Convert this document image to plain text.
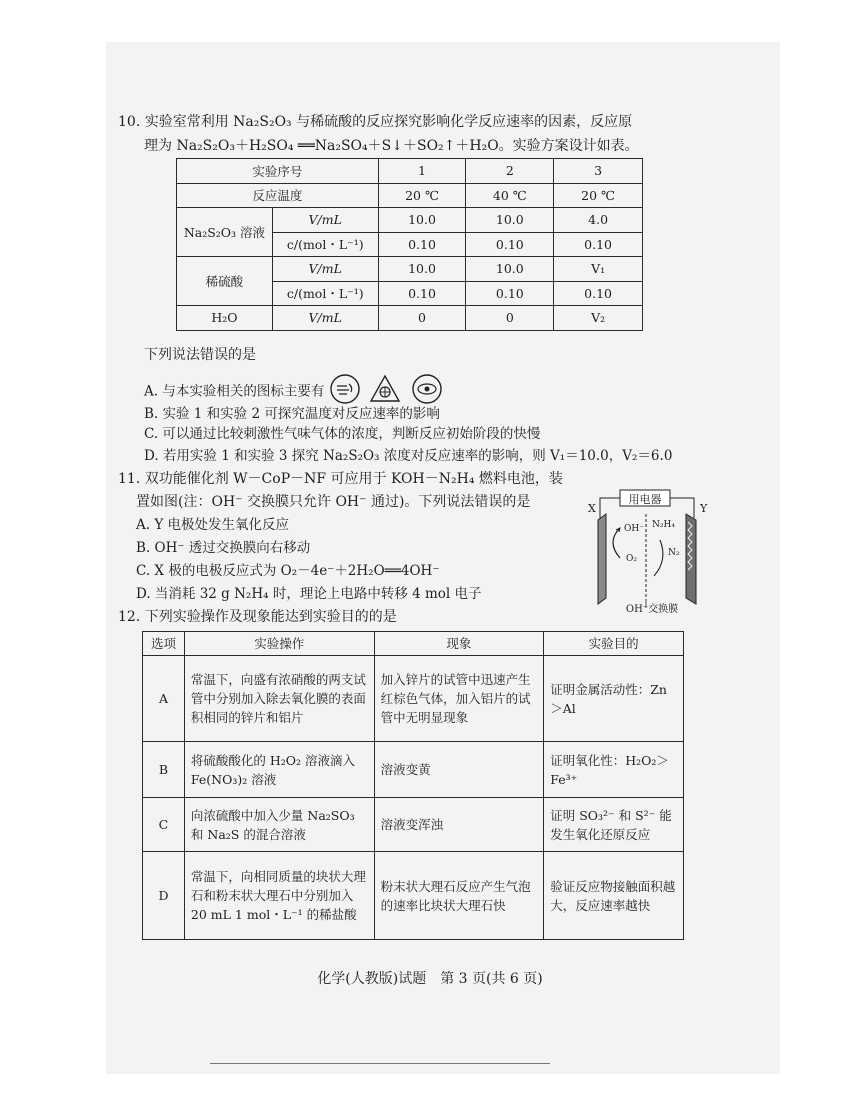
10. 实验室常利用 Na₂S₂O₃ 与稀硫酸的反应探究影响化学反应速率的因素，反应原
理为 Na₂S₂O₃＋H₂SO₄ ══Na₂SO₄＋S↓＋SO₂↑＋H₂O。实验方案设计如表。
实验序号		1	2	3
反应温度		20 ℃	40 ℃	20 ℃
Na₂S₂O₃ 溶液	V/mL	10.0	10.0	4.0
	c/(mol・L⁻¹)	0.10	0.10	0.10
稀硫酸	V/mL	10.0	10.0	V₁
	c/(mol・L⁻¹)	0.10	0.10	0.10
H₂O	V/mL	0	0	V₂
下列说法错误的是
A. 与本实验相关的图标主要有
B. 实验 1 和实验 2 可探究温度对反应速率的影响
C. 可以通过比较刺激性气味气体的浓度，判断反应初始阶段的快慢
D. 若用实验 1 和实验 3 探究 Na₂S₂O₃ 浓度对反应速率的影响，则 V₁＝10.0，V₂＝6.0
11. 双功能催化剂 W－CoP－NF 可应用于 KOH－N₂H₄ 燃料电池，装
置如图(注：OH⁻ 交换膜只允许 OH⁻ 通过)。下列说法错误的是
A. Y 电极处发生氧化反应
B. OH⁻ 透过交换膜向右移动
C. X 极的电极反应式为 O₂－4e⁻＋2H₂O══4OH⁻
D. 当消耗 32 g N₂H₄ 时，理论上电路中转移 4 mol 电子
用电器
X	Y
OH⁻
O₂
N₂H₄
N₂
OH⁻交换膜
12. 下列实验操作及现象能达到实验目的的是
选项	实验操作	现象	实验目的
A	常温下，向盛有浓硝酸的两支试管中分别加入除去氧化膜的表面积相同的锌片和铝片	加入锌片的试管中迅速产生红棕色气体，加入铝片的试管中无明显现象	证明金属活动性：Zn＞Al
B	将硫酸酸化的 H₂O₂ 溶液滴入 Fe(NO₃)₂ 溶液	溶液变黄	证明氧化性：H₂O₂＞Fe³⁺
C	向浓硫酸中加入少量 Na₂SO₃ 和 Na₂S 的混合溶液	溶液变浑浊	证明 SO₃²⁻ 和 S²⁻ 能发生氧化还原反应
D	常温下，向相同质量的块状大理石和粉末状大理石中分别加入 20 mL 1 mol・L⁻¹ 的稀盐酸	粉末状大理石反应产生气泡的速率比块状大理石快	验证反应物接触面积越大，反应速率越快
化学(人教版)试题　第 3 页(共 6 页)
